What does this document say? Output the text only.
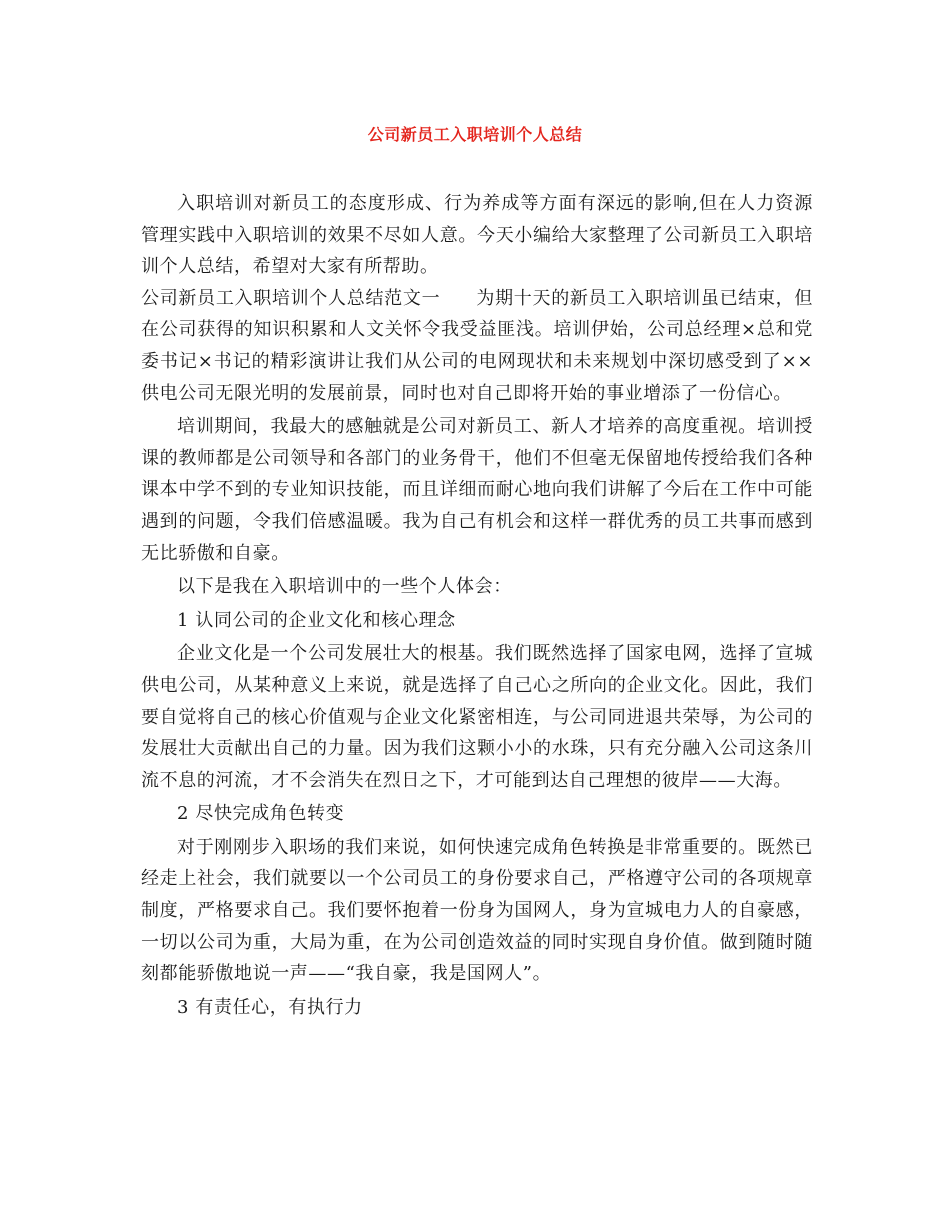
公司新员工入职培训个人总结

入职培训对新员工的态度形成、行为养成等方面有深远的影响,但在人力资源管理实践中入职培训的效果不尽如人意。今天小编给大家整理了公司新员工入职培训个人总结，希望对大家有所帮助。

公司新员工入职培训个人总结范文一 为期十天的新员工入职培训虽已结束，但在公司获得的知识积累和人文关怀令我受益匪浅。培训伊始，公司总经理×总和党委书记×书记的精彩演讲让我们从公司的电网现状和未来规划中深切感受到了××供电公司无限光明的发展前景，同时也对自己即将开始的事业增添了一份信心。

培训期间，我最大的感触就是公司对新员工、新人才培养的高度重视。培训授课的教师都是公司领导和各部门的业务骨干，他们不但毫无保留地传授给我们各种课本中学不到的专业知识技能，而且详细而耐心地向我们讲解了今后在工作中可能遇到的问题，令我们倍感温暖。我为自己有机会和这样一群优秀的员工共事而感到无比骄傲和自豪。

以下是我在入职培训中的一些个人体会：

1 认同公司的企业文化和核心理念

企业文化是一个公司发展壮大的根基。我们既然选择了国家电网，选择了宣城供电公司，从某种意义上来说，就是选择了自己心之所向的企业文化。因此，我们要自觉将自己的核心价值观与企业文化紧密相连，与公司同进退共荣辱，为公司的发展壮大贡献出自己的力量。因为我们这颗小小的水珠，只有充分融入公司这条川流不息的河流，才不会消失在烈日之下，才可能到达自己理想的彼岸——大海。

2 尽快完成角色转变

对于刚刚步入职场的我们来说，如何快速完成角色转换是非常重要的。既然已经走上社会，我们就要以一个公司员工的身份要求自己，严格遵守公司的各项规章制度，严格要求自己。我们要怀抱着一份身为国网人，身为宣城电力人的自豪感，一切以公司为重，大局为重，在为公司创造效益的同时实现自身价值。做到随时随刻都能骄傲地说一声——“我自豪，我是国网人”。

3 有责任心，有执行力
